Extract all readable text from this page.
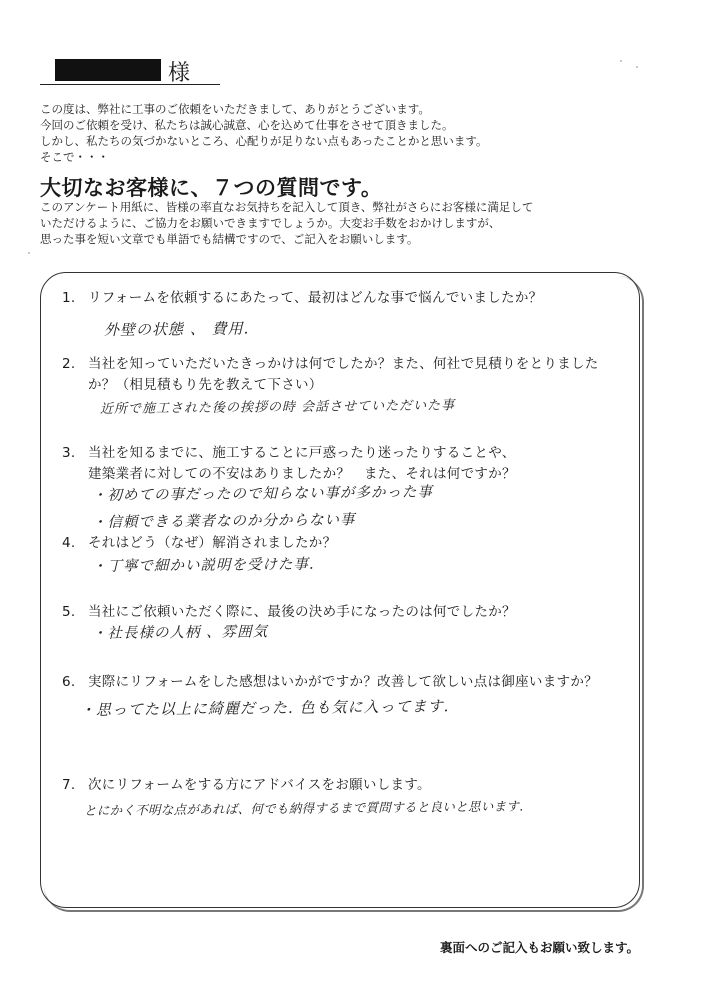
様
この度は、弊社に工事のご依頼をいただきまして、ありがとうございます。
今回のご依頼を受け、私たちは誠心誠意、心を込めて仕事をさせて頂きました。
しかし、私たちの気づかないところ、心配りが足りない点もあったことかと思います。
そこで・・・
大切なお客様に、７つの質問です。
このアンケート用紙に、皆様の率直なお気持ちを記入して頂き、弊社がさらにお客様に満足して
いただけるように、ご協力をお願いできますでしょうか。大変お手数をおかけしますが、
思った事を短い文章でも単語でも結構ですので、ご記入をお願いします。
1. リフォームを依頼するにあたって、最初はどんな事で悩んでいましたか？
外壁の状態 、 費用.
2. 当社を知っていただいたきっかけは何でしたか？また、何社で見積りをとりました
か？（相見積もり先を教えて下さい）
近所で施工された後の挨拶の時 会話させていただいた事
3. 当社を知るまでに、施工することに戸惑ったり迷ったりすることや、
建築業者に対しての不安はありましたか？　また、それは何ですか？
・初めての事だったので知らない事が多かった事
・信頼できる業者なのか分からない事
4. それはどう（なぜ）解消されましたか？
・丁寧で細かい説明を受けた事.
5. 当社にご依頼いただく際に、最後の決め手になったのは何でしたか？
・社長様の人柄 、雰囲気
6. 実際にリフォームをした感想はいかがですか？改善して欲しい点は御座いますか？
・思ってた以上に綺麗だった. 色も気に入ってます.
7. 次にリフォームをする方にアドバイスをお願いします。
とにかく不明な点があれば、何でも納得するまで質問すると良いと思います.
裏面へのご記入もお願い致します。
